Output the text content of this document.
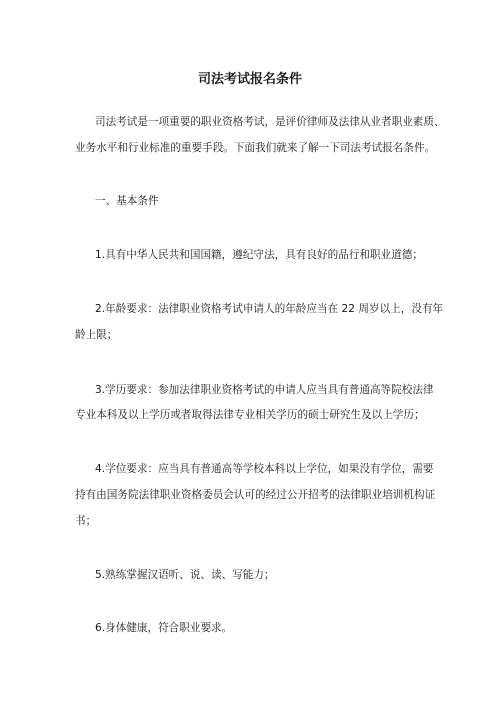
司法考试报名条件
司法考试是一项重要的职业资格考试，是评价律师及法律从业者职业素质、
业务水平和行业标准的重要手段。下面我们就来了解一下司法考试报名条件。
一、基本条件
1.具有中华人民共和国国籍，遵纪守法，具有良好的品行和职业道德；
2.年龄要求：法律职业资格考试申请人的年龄应当在 22 周岁以上，没有年
龄上限；
3.学历要求：参加法律职业资格考试的申请人应当具有普通高等院校法律
专业本科及以上学历或者取得法律专业相关学历的硕士研究生及以上学历；
4.学位要求：应当具有普通高等学校本科以上学位，如果没有学位，需要
持有由国务院法律职业资格委员会认可的经过公开招考的法律职业培训机构证
书；
5.熟练掌握汉语听、说、读、写能力；
6.身体健康，符合职业要求。
